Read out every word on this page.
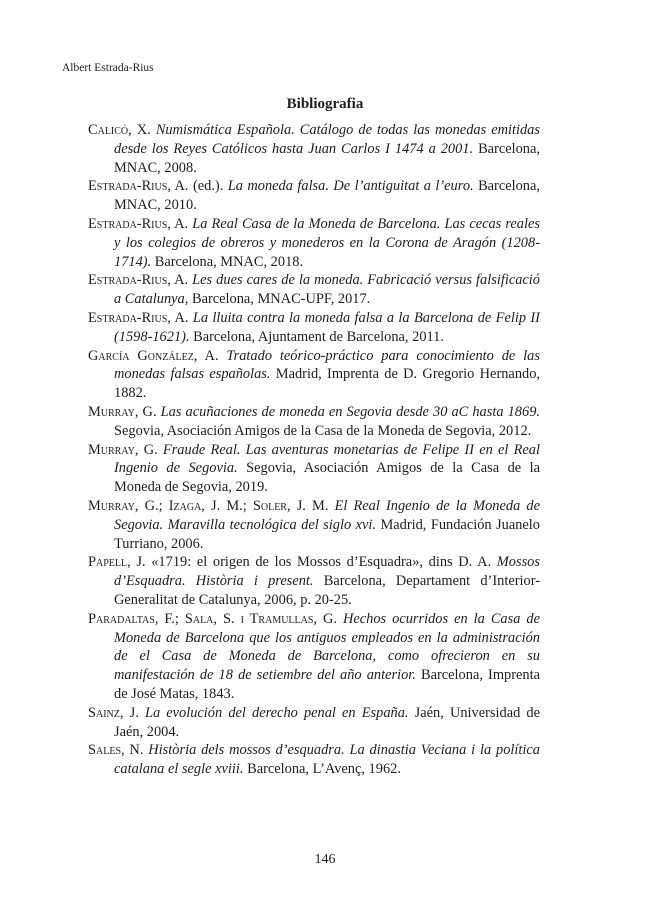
Albert Estrada-Rius
Bibliografia

Calicó, X. Numismática Española. Catálogo de todas las monedas emitidas desde los Reyes Católicos hasta Juan Carlos I 1474 a 2001. Barcelona, MNAC, 2008.

Estrada-Rius, A. (ed.). La moneda falsa. De l’antiguitat a l’euro. Barcelona, MNAC, 2010.

Estrada-Rius, A. La Real Casa de la Moneda de Barcelona. Las cecas reales y los colegios de obreros y monederos en la Corona de Aragón (1208-1714). Barcelona, MNAC, 2018.

Estrada-Rius, A. Les dues cares de la moneda. Fabricació versus falsificació a Catalunya, Barcelona, MNAC-UPF, 2017.

Estrada-Rius, A. La lluita contra la moneda falsa a la Barcelona de Felip II (1598-1621). Barcelona, Ajuntament de Barcelona, 2011.

García González, A. Tratado teórico-práctico para conocimiento de las monedas falsas españolas. Madrid, Imprenta de D. Gregorio Hernando, 1882.

Murray, G. Las acuñaciones de moneda en Segovia desde 30 aC hasta 1869. Segovia, Asociación Amigos de la Casa de la Moneda de Segovia, 2012.

Murray, G. Fraude Real. Las aventuras monetarias de Felipe II en el Real Ingenio de Segovia. Segovia, Asociación Amigos de la Casa de la Moneda de Segovia, 2019.

Murray, G.; Izaga, J. M.; Soler, J. M. El Real Ingenio de la Moneda de Segovia. Maravilla tecnológica del siglo xvi. Madrid, Fundación Juanelo Turriano, 2006.

Papell, J. «1719: el origen de los Mossos d’Esquadra», dins D. A. Mossos d’Esquadra. Història i present. Barcelona, Departament d’Interior-Generalitat de Catalunya, 2006, p. 20-25.

Paradaltas, F.; Sala, S. i Tramullas, G. Hechos ocurridos en la Casa de Moneda de Barcelona que los antiguos empleados en la administración de el Casa de Moneda de Barcelona, como ofrecieron en su manifestación de 18 de setiembre del año anterior. Barcelona, Imprenta de José Matas, 1843.

Sainz, J. La evolución del derecho penal en España. Jaén, Universidad de Jaén, 2004.

Sales, N. Història dels mossos d’esquadra. La dinastia Veciana i la política catalana el segle xviii. Barcelona, L’Avenç, 1962.

146
